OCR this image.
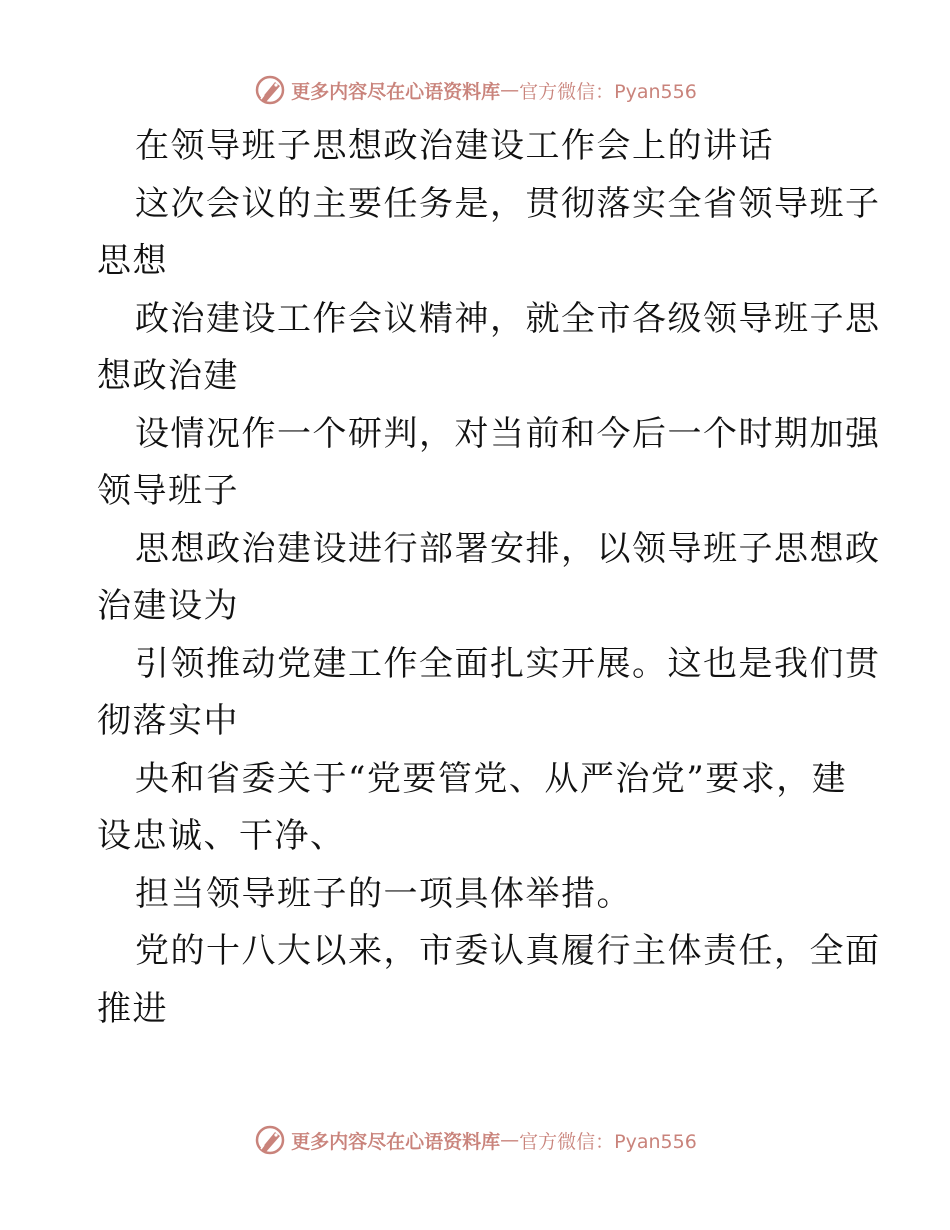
更多内容尽在心语资料库 — 官方微信：Pyan556
在领导班子思想政治建设工作会上的讲话
这次会议的主要任务是，贯彻落实全省领导班子
思想
政治建设工作会议精神，就全市各级领导班子思
想政治建
设情况作一个研判，对当前和今后一个时期加强
领导班子
思想政治建设进行部署安排，以领导班子思想政
治建设为
引领推动党建工作全面扎实开展。这也是我们贯
彻落实中
央和省委关于“党要管党、从严治党”要求，建
设忠诚、干净、
担当领导班子的一项具体举措。
党的十八大以来，市委认真履行主体责任，全面
推进
更多内容尽在心语资料库 — 官方微信：Pyan556
